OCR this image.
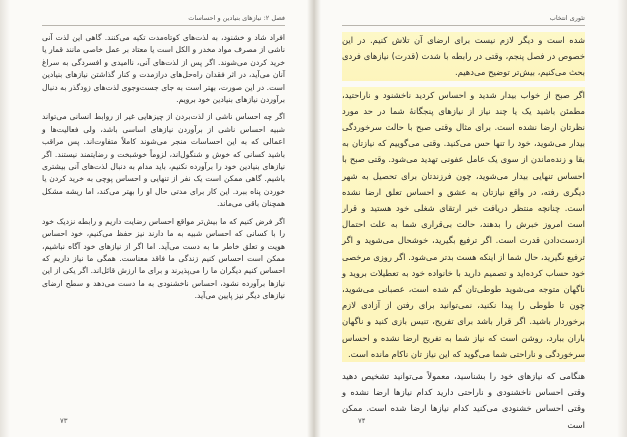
فصل ۲: نیازهای بنیادین و احساسات

افراد شاد و خشنود، به لذت‌های کوتاه‌مدت تکیه می‌کنند. گاهی این لذت آنی ناشی از مصرف مواد مخدر و الکل است یا معتاد بر عمل خاصی مانند قمار یا خرید کردن می‌شوند. اگر پس از لذت‌های آنی، ناامیدی و افسردگی به سراغ آنان می‌آید، در اثر فقدان راه‌حل‌های درازمدت و کنار گذاشتن نیازهای بنیادین است. در این صورت، بهتر است به جای جست‌وجوی لذت‌های زودگذر به دنبال برآوردن نیازهای بنیادین خود برویم.

اگر چه احساس ناشی از لذت‌بردن از چیزهایی غیر از روابط انسانی می‌تواند شبیه احساس ناشی از برآوردن نیازهای اساسی باشد، ولی فعالیت‌ها و اعمالی که به این احساسات منجر می‌شوند کاملاً متفاوت‌اند. پس مراقب باشید کسانی که خوش و شنگول‌اند، لزوماً خوشبخت و رضایتمند نیستند. اگر نیازهای بنیادین خود را برآورده نکنیم، باید مدام به دنبال لذت‌های آنی بیشتری باشیم. گاهی ممکن است یک نفر از تنهایی و احساس پوچی به خرید کردن یا خوردن پناه ببرد. این کار برای مدتی حال او را بهتر می‌کند، اما ریشه مشکل همچنان باقی می‌ماند.

اگر فرض کنیم که ما بیش‌تر مواقع احساس رضایت داریم و رابطه نزدیک خود را با کسانی که احساس شبیه به ما دارند نیز حفظ می‌کنیم، خود احساس هویت و تعلق خاطر ما به دست می‌آید. اما اگر از نیازهای خود آگاه نباشیم، ممکن است احساس کنیم زندگی ما فاقد معناست. همگی ما نیاز داریم که احساس کنیم دیگران ما را می‌پذیرند و برای ما ارزش قائل‌اند. اگر یکی از این نیازها برآورده نشود، احساس ناخشنودی به ما دست می‌دهد و سطح ارضای نیازهای دیگر نیز پایین می‌آید.

۷۳
تئوری انتخاب

شده است و دیگر لازم نیست برای ارضای آن تلاش کنیم. در این خصوص در فصل پنجم، وقتی در رابطه با شدت (قدرت) نیازهای فردی بحث می‌کنیم، بیش‌تر توضیح می‌دهیم.

اگر صبح از خواب بیدار شدید و احساس کردید ناخشنود و ناراحتید، مطمئن باشید یک یا چند نیاز از نیازهای پنجگانهٔ شما در حد مورد نظرتان ارضا نشده است. برای مثال وقتی صبح با حالت سرخوردگی بیدار می‌شوید، خود را تنها حس می‌کنید. وقتی می‌گوییم که نیازتان به بقا و زنده‌ماندن از سوی یک عامل عفونی تهدید می‌شود. وقتی صبح با احساس تنهایی بیدار می‌شوید، چون فرزندتان برای تحصیل به شهر دیگری رفته، در واقع نیازتان به عشق و احساس تعلق ارضا نشده است. چنانچه منتظر دریافت خبر ارتقای شغلی خود هستید و قرار است امروز خبرش را بدهند، حالت بی‌قراری شما به علت احتمال ازدست‌دادن قدرت است. اگر ترفیع بگیرید، خوشحال می‌شوید و اگر ترفیع نگیرید، حال شما از اینکه هست بدتر می‌شود. اگر روزی مرخصی خود حساب کرده‌اید و تصمیم دارید با خانواده خود به تعطیلات بروید و ناگهان متوجه می‌شوید طوطی‌تان گم شده است، عصبانی می‌شوید، چون تا طوطی را پیدا نکنید، نمی‌توانید برای رفتن از آزادی لازم برخوردار باشید. اگر قرار باشد برای تفریح، تنیس بازی کنید و ناگهان باران ببارد، روشن است که نیاز شما به تفریح ارضا نشده و احساس سرخوردگی و ناراحتی شما می‌گوید که این نیاز تان ناکام مانده است.

هنگامی که نیازهای خود را بشناسید، معمولاً می‌توانید تشخیص دهید وقتی احساس ناخشنودی و ناراحتی دارید کدام نیازها ارضا نشده و وقتی احساس خشنودی می‌کنید کدام نیازها ارضا شده است. ممکن است

۷۴
